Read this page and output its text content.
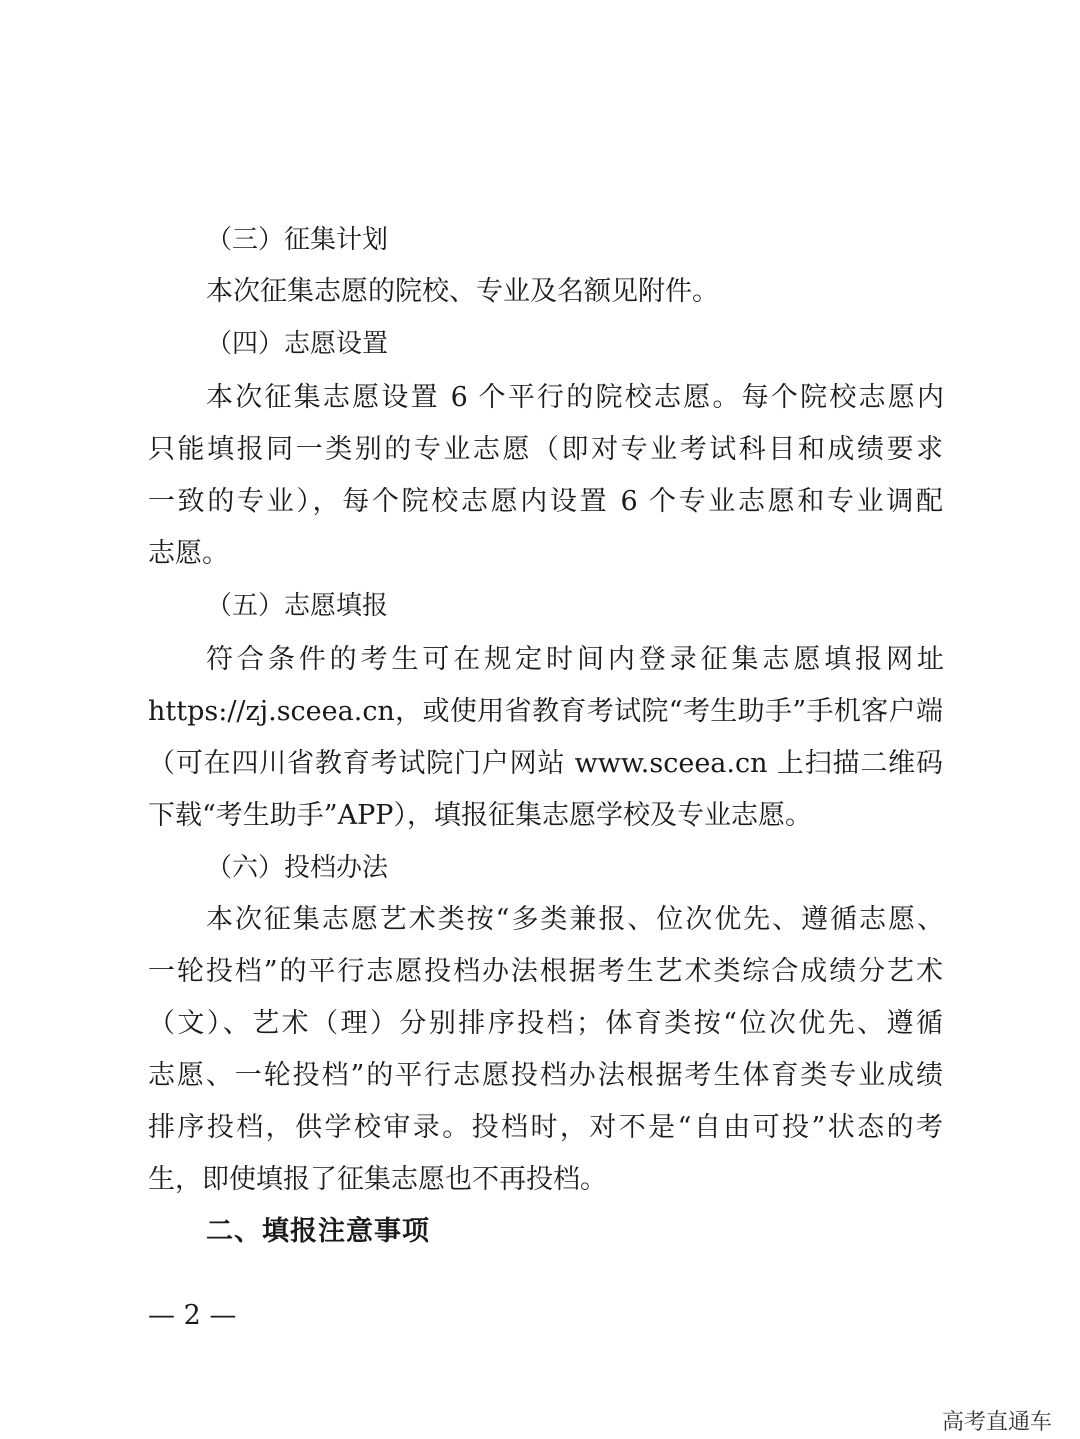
（三）征集计划
本次征集志愿的院校、专业及名额见附件。
（四）志愿设置
本次征集志愿设置 6 个平行的院校志愿。每个院校志愿内
只能填报同一类别的专业志愿（即对专业考试科目和成绩要求
一致的专业），每个院校志愿内设置 6 个专业志愿和专业调配
志愿。
（五）志愿填报
符合条件的考生可在规定时间内登录征集志愿填报网址
https://zj.sceea.cn，或使用省教育考试院“考生助手”手机客户端
（可在四川省教育考试院门户网站 www.sceea.cn 上扫描二维码
下载“考生助手”APP），填报征集志愿学校及专业志愿。
（六）投档办法
本次征集志愿艺术类按“多类兼报、位次优先、遵循志愿、
一轮投档”的平行志愿投档办法根据考生艺术类综合成绩分艺术
（文）、艺术（理）分别排序投档；体育类按“位次优先、遵循
志愿、一轮投档”的平行志愿投档办法根据考生体育类专业成绩
排序投档，供学校审录。投档时，对不是“自由可投”状态的考
生，即使填报了征集志愿也不再投档。
二、填报注意事项
— 2 —
高考直通车
